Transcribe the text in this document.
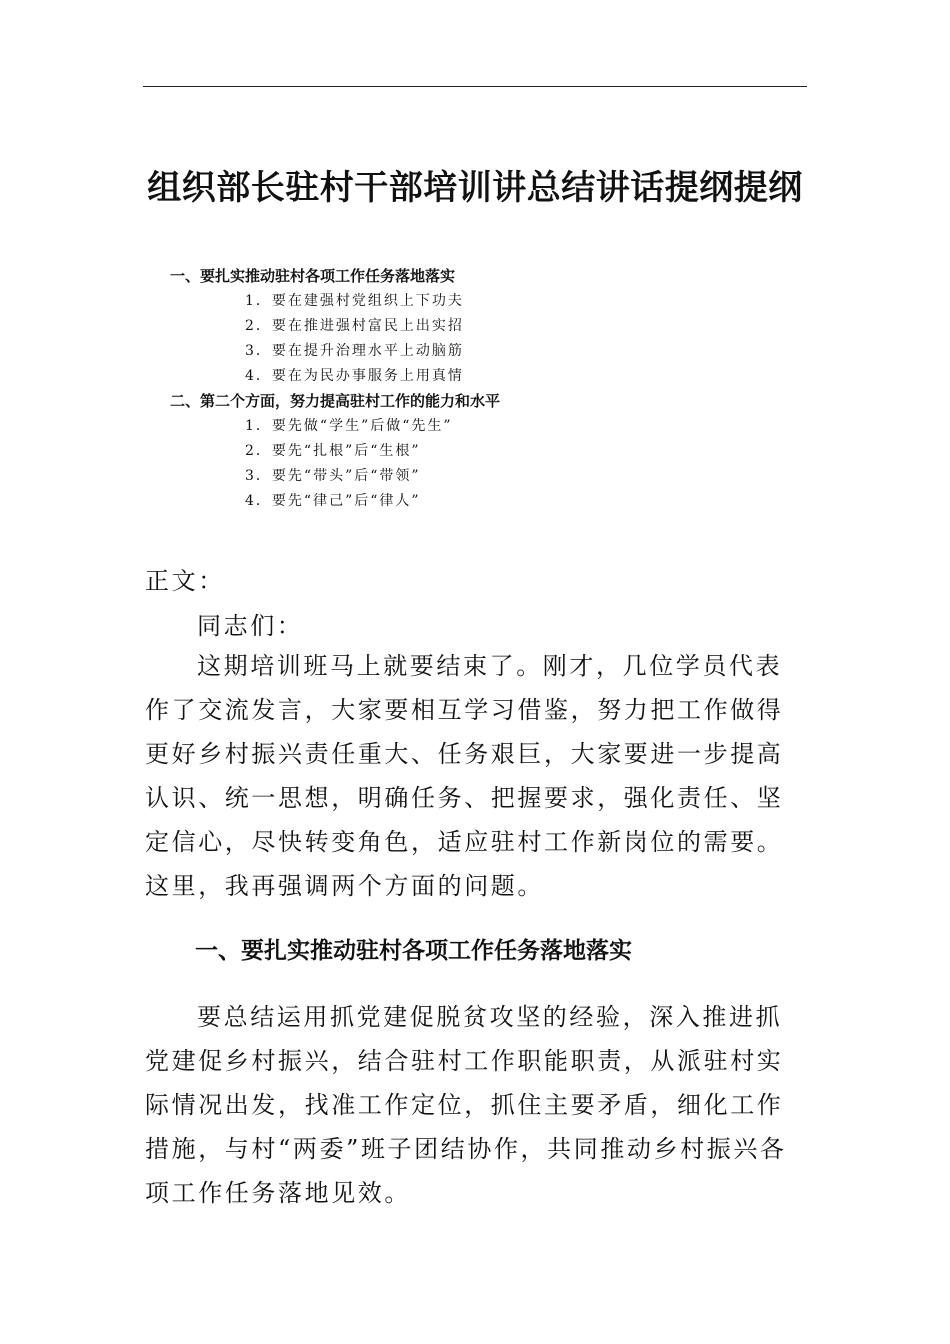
组织部长驻村干部培训讲总结讲话提纲提纲
一、要扎实推动驻村各项工作任务落地落实
1．要在建强村党组织上下功夫
2．要在推进强村富民上出实招
3．要在提升治理水平上动脑筋
4．要在为民办事服务上用真情
二、第二个方面，努力提高驻村工作的能力和水平
1．要先做“学生”后做“先生”
2．要先“扎根”后“生根”
3．要先“带头”后“带领”
4．要先“律己”后“律人”
正文：
同志们：
这期培训班马上就要结束了。刚才，几位学员代表作了交流发言，大家要相互学习借鉴，努力把工作做得更好乡村振兴责任重大、任务艰巨，大家要进一步提高认识、统一思想，明确任务、把握要求，强化责任、坚定信心，尽快转变角色，适应驻村工作新岗位的需要。这里，我再强调两个方面的问题。
一、要扎实推动驻村各项工作任务落地落实
要总结运用抓党建促脱贫攻坚的经验，深入推进抓党建促乡村振兴，结合驻村工作职能职责，从派驻村实际情况出发，找准工作定位，抓住主要矛盾，细化工作措施，与村“两委”班子团结协作，共同推动乡村振兴各项工作任务落地见效。
